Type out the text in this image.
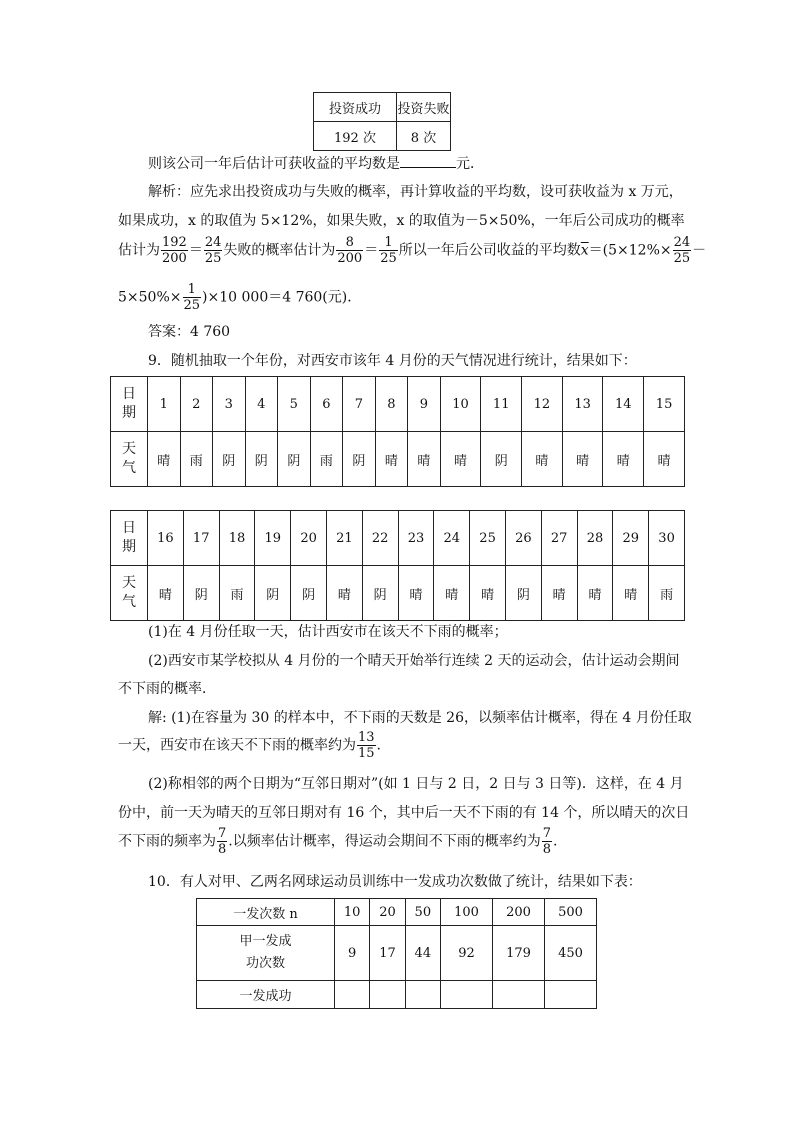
投资成功	投资失败
192 次	8 次
则该公司一年后估计可获收益的平均数是	元．
解析：应先求出投资成功与失败的概率，再计算收益的平均数，设可获收益为 x 万元，
如果成功，x 的取值为 5×12%，如果失败，x 的取值为－5×50%，一年后公司成功的概率
估计为 $\frac{192}{200} = \frac{24}{25}$ 失败的概率估计为 $\frac{8}{200} = \frac{1}{25}$ 所以一年后公司收益的平均数$\overline{x}=(5\times 12\%\times \frac{24}{25}$ －
$5\times 50\%\times \frac{1}{25} )\times 10$ 000＝4 760(元)．
答案：4 760
9．随机抽取一个年份，对西安市该年 4 月份的天气情况进行统计，结果如下：
日
期	1	2	3	4	5	6	7	8	9	10	11	12	13	14	15
天
气	晴	雨	阴	阴	阴	雨	阴	晴	晴	晴	阴	晴	晴	晴	晴
日
期	16	17	18	19	20	21	22	23	24	25	26	27	28	29	30
天
气	晴	阴	雨	阴	阴	晴	阴	晴	晴	晴	阴	晴	晴	晴	雨
(1)在 4 月份任取一天，估计西安市在该天不下雨的概率；
(2)西安市某学校拟从 4 月份的一个晴天开始举行连续 2 天的运动会，估计运动会期间
不下雨的概率．
解: (1)在容量为 30 的样本中，不下雨的天数是 26，以频率估计概率，得在 4 月份任取
一天，西安市在该天不下雨的概率约为 $\frac{13}{15}$ .
(2)称相邻的两个日期为“互邻日期对”(如 1 日与 2 日，2 日与 3 日等)．这样，在 4 月
份中，前一天为晴天的互邻日期对有 16 个，其中后一天不下雨的有 14 个，所以晴天的次日
不下雨的频率为 $\frac{7}{8}$ .以频率估计概率，得运动会期间不下雨的概率约为 $\frac{7}{8}$ .
10．有人对甲、乙两名网球运动员训练中一发成功次数做了统计，结果如下表：
一发次数 n	10	20	50	100	200	500
甲一发成
功次数	9	17	44	92	179	450
一发成功						
